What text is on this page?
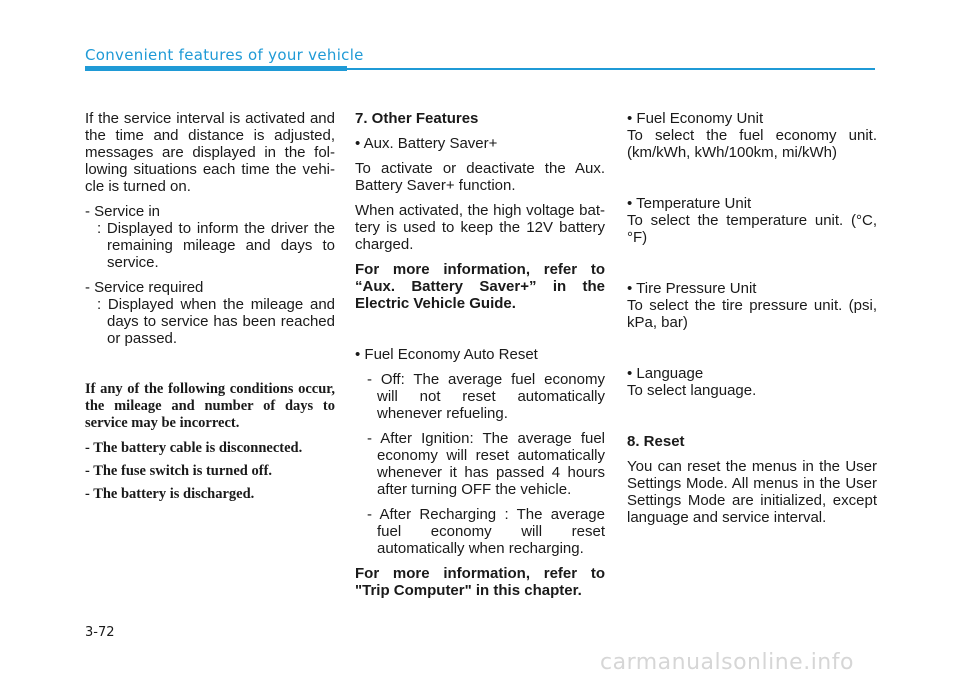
Convenient features of your vehicle

If the service interval is activated and the time and distance is adjusted, messages are displayed in the fol-lowing situations each time the vehi-cle is turned on.

- Service in

: Displayed to inform the driver the remaining mileage and days to service.

- Service required

: Displayed when the mileage and days to service has been reached or passed.

If any of the following conditions occur, the mileage and number of days to service may be incorrect.

- The battery cable is disconnected.

- The fuse switch is turned off.

- The battery is discharged.

7. Other Features

• Aux. Battery Saver+

To activate or deactivate the Aux. Battery Saver+ function.

When activated, the high voltage bat-tery is used to keep the 12V battery charged.

For more information, refer to “Aux. Battery Saver+” in the Electric Vehicle Guide.

• Fuel Economy Auto Reset

- Off: The average fuel economy will not reset automatically whenever refueling.

- After Ignition: The average fuel economy will reset automatically whenever it has passed 4 hours after turning OFF the vehicle.

- After Recharging : The average fuel economy will reset automatically when recharging.

For more information, refer to "Trip Computer" in this chapter.

• Fuel Economy Unit

To select the fuel economy unit. (km/kWh, kWh/100km, mi/kWh)

• Temperature Unit

To select the temperature unit. (°C,°F)

• Tire Pressure Unit

To select the tire pressure unit. (psi, kPa, bar)

• Language

To select language.

8. Reset

You can reset the menus in the User Settings Mode. All menus in the User Settings Mode are initialized, except language and service interval.

3-72
carmanualsonline.info
